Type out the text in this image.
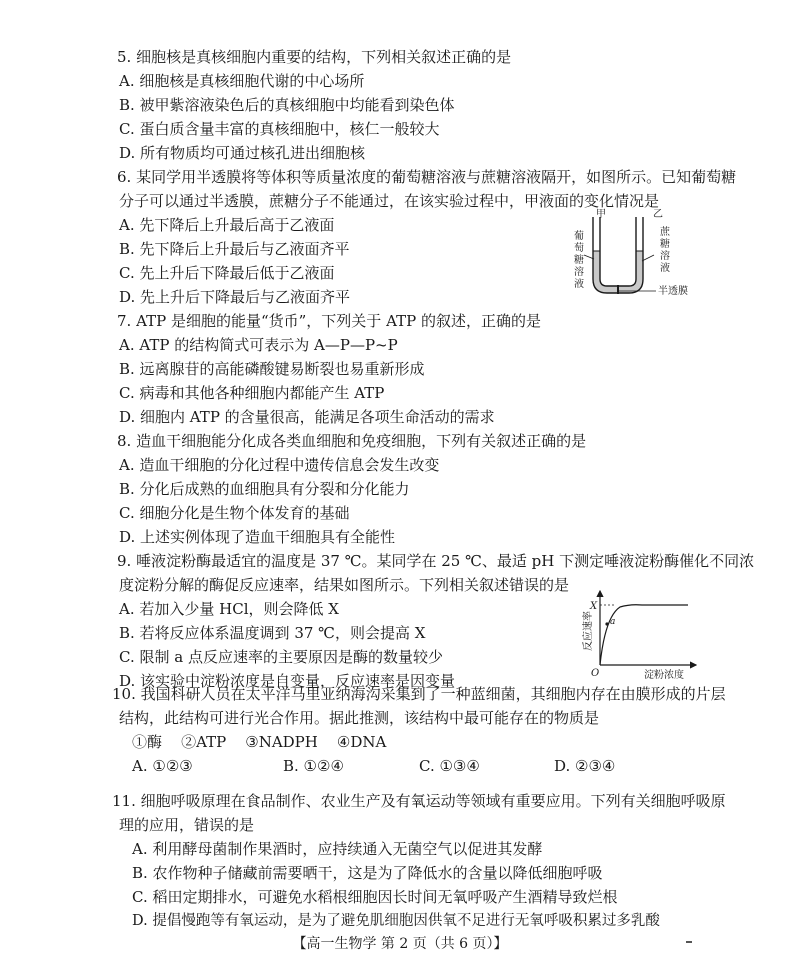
5. 细胞核是真核细胞内重要的结构，下列相关叙述正确的是
A. 细胞核是真核细胞代谢的中心场所
B. 被甲紫溶液染色后的真核细胞中均能看到染色体
C. 蛋白质含量丰富的真核细胞中，核仁一般较大
D. 所有物质均可通过核孔进出细胞核
6. 某同学用半透膜将等体积等质量浓度的葡萄糖溶液与蔗糖溶液隔开，如图所示。已知葡萄糖
分子可以通过半透膜，蔗糖分子不能通过，在该实验过程中，甲液面的变化情况是
A. 先下降后上升最后高于乙液面
B. 先下降后上升最后与乙液面齐平
C. 先上升后下降最后低于乙液面
D. 先上升后下降最后与乙液面齐平
甲	乙
葡
萄
糖
溶
液
蔗
糖
溶
液
半透膜
7. ATP 是细胞的能量“货币”，下列关于 ATP 的叙述，正确的是
A. ATP 的结构简式可表示为 A—P—P~P
B. 远离腺苷的高能磷酸键易断裂也易重新形成
C. 病毒和其他各种细胞内都能产生 ATP
D. 细胞内 ATP 的含量很高，能满足各项生命活动的需求
8. 造血干细胞能分化成各类血细胞和免疫细胞，下列有关叙述正确的是
A. 造血干细胞的分化过程中遗传信息会发生改变
B. 分化后成熟的血细胞具有分裂和分化能力
C. 细胞分化是生物个体发育的基础
D. 上述实例体现了造血干细胞具有全能性
9. 唾液淀粉酶最适宜的温度是 37 ℃。某同学在 25 ℃、最适 pH 下测定唾液淀粉酶催化不同浓
度淀粉分解的酶促反应速率，结果如图所示。下列相关叙述错误的是
A. 若加入少量 HCl，则会降低 X
B. 若将反应体系温度调到 37 ℃，则会提高 X
C. 限制 a 点反应速率的主要原因是酶的数量较少
D. 该实验中淀粉浓度是自变量，反应速率是因变量
a
X
O	淀粉浓度
反应速率
10. 我国科研人员在太平洋马里亚纳海沟采集到了一种蓝细菌，其细胞内存在由膜形成的片层
结构，此结构可进行光合作用。据此推测，该结构中最可能存在的物质是
①酶    ②ATP    ③NADPH    ④DNA
A. ①②③	B. ①②④	C. ①③④	D. ②③④
11. 细胞呼吸原理在食品制作、农业生产及有氧运动等领域有重要应用。下列有关细胞呼吸原
理的应用，错误的是
A. 利用酵母菌制作果酒时，应持续通入无菌空气以促进其发酵
B. 农作物种子储藏前需要晒干，这是为了降低水的含量以降低细胞呼吸
C. 稻田定期排水，可避免水稻根细胞因长时间无氧呼吸产生酒精导致烂根
D. 提倡慢跑等有氧运动，是为了避免肌细胞因供氧不足进行无氧呼吸积累过多乳酸
【高一生物学 第 2 页（共 6 页）】
